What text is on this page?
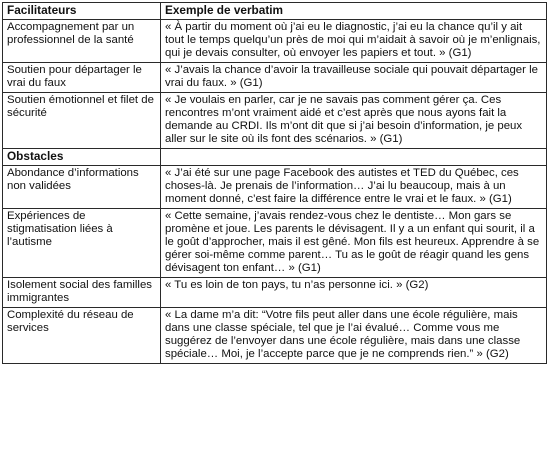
Facilitateurs	Exemple de verbatim
Accompagnement par un professionnel de la santé	« À partir du moment où j’ai eu le diagnostic, j’ai eu la chance qu’il y ait tout le temps quelqu’un près de moi qui m’aidait à savoir où je m’enlignais, qui je devais consulter, où envoyer les papiers et tout. » (G1)
Soutien pour départager le vrai du faux	« J’avais la chance d’avoir la travailleuse sociale qui pouvait départager le vrai du faux. » (G1)
Soutien émotionnel et filet de sécurité	« Je voulais en parler, car je ne savais pas comment gérer ça. Ces rencontres m’ont vraiment aidé et c’est après que nous ayons fait la demande au CRDI. Ils m’ont dit que si j’ai besoin d’information, je peux aller sur le site où ils font des scénarios. » (G1)
Obstacles	
Abondance d’informations non validées	« J’ai été sur une page Facebook des autistes et TED du Québec, ces choses-là. Je prenais de l’information… J’ai lu beaucoup, mais à un moment donné, c’est faire la différence entre le vrai et le faux. » (G1)
Expériences de stigmatisation liées à l’autisme	« Cette semaine, j’avais rendez-vous chez le dentiste… Mon gars se promène et joue. Les parents le dévisagent. Il y a un enfant qui sourit, il a le goût d’approcher, mais il est gêné. Mon fils est heureux. Apprendre à se gérer soi-même comme parent… Tu as le goût de réagir quand les gens dévisagent ton enfant… » (G1)
Isolement social des familles immigrantes	« Tu es loin de ton pays, tu n’as personne ici. » (G2)
Complexité du réseau de services	« La dame m’a dit: “Votre fils peut aller dans une école régulière, mais dans une classe spéciale, tel que je l’ai évalué… Comme vous me suggérez de l’envoyer dans une école régulière, mais dans une classe spéciale… Moi, je l’accepte parce que je ne comprends rien.” » (G2)
